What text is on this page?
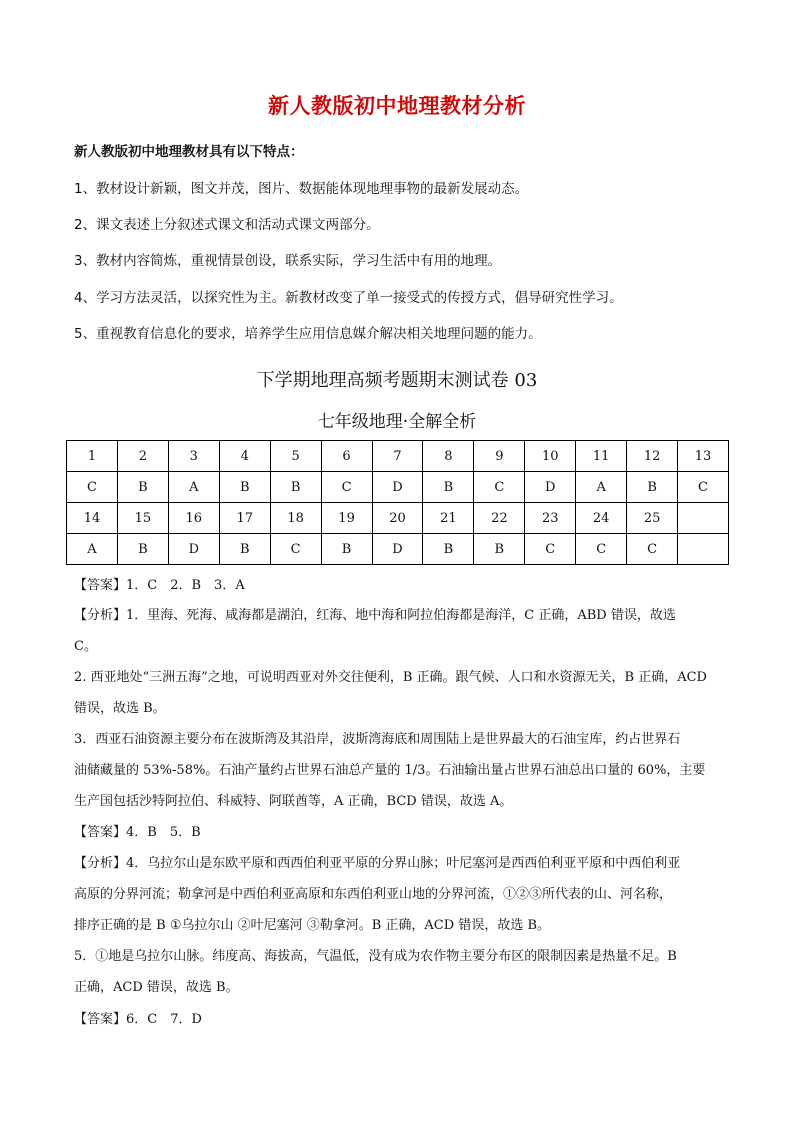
新人教版初中地理教材分析
新人教版初中地理教材具有以下特点：
1、教材设计新颖，图文并茂，图片、数据能体现地理事物的最新发展动态。
2、课文表述上分叙述式课文和活动式课文两部分。
3、教材内容简炼，重视情景创设，联系实际，学习生活中有用的地理。
4、学习方法灵活，以探究性为主。新教材改变了单一接受式的传授方式，倡导研究性学习。
5、重视教育信息化的要求，培养学生应用信息媒介解决相关地理问题的能力。
下学期地理高频考题期末测试卷 03
七年级地理·全解全析
1	2	3	4	5	6	7	8	9	10	11	12	13
C	B	A	B	B	C	D	B	C	D	A	B	C
14	15	16	17	18	19	20	21	22	23	24	25	
A	B	D	B	C	B	D	B	B	C	C	C	
【答案】1．C　2．B　3．A
【分析】1．里海、死海、咸海都是湖泊，红海、地中海和阿拉伯海都是海洋，C 正确，ABD 错误，故选
C。
2. 西亚地处“三洲五海”之地，可说明西亚对外交往便利，B 正确。跟气候、人口和水资源无关，B 正确，ACD
错误，故选 B。
3．西亚石油资源主要分布在波斯湾及其沿岸，波斯湾海底和周围陆上是世界最大的石油宝库，约占世界石
油储藏量的 53%-58%。石油产量约占世界石油总产量的 1/3。石油输出量占世界石油总出口量的 60%，主要
生产国包括沙特阿拉伯、科威特、阿联酋等，A 正确，BCD 错误，故选 A。
【答案】4．B　5．B
【分析】4．乌拉尔山是东欧平原和西西伯利亚平原的分界山脉；叶尼塞河是西西伯利亚平原和中西伯利亚
高原的分界河流；勒拿河是中西伯利亚高原和东西伯利亚山地的分界河流，①②③所代表的山、河名称，
排序正确的是 B ①乌拉尔山 ②叶尼塞河 ③勒拿河。B 正确，ACD 错误，故选 B。
5．①地是乌拉尔山脉。纬度高、海拔高，气温低，没有成为农作物主要分布区的限制因素是热量不足。B
正确，ACD 错误，故选 B。
【答案】6．C　7．D
